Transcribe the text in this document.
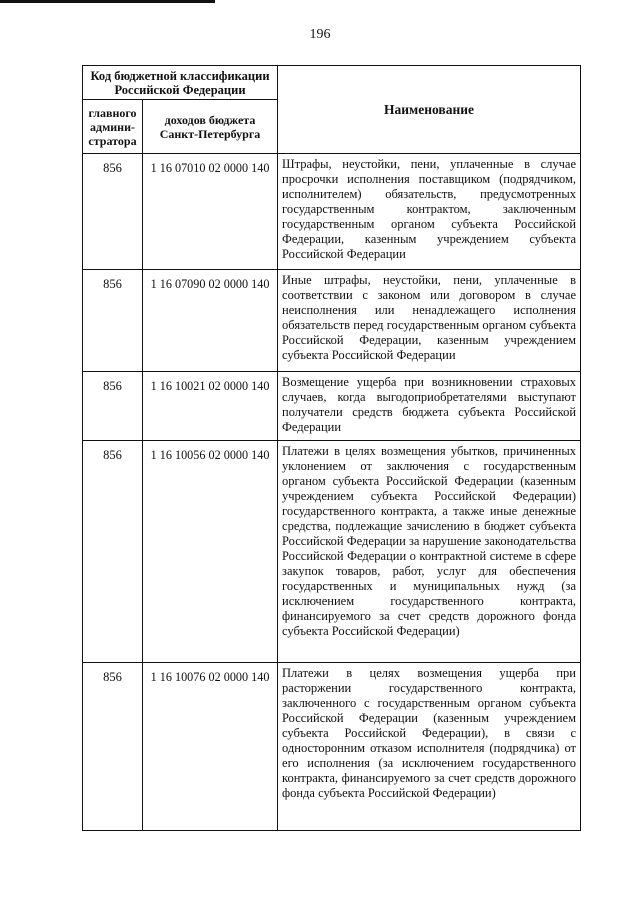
196
Код бюджетной классификации Российской Федерации		Наименование
главного админи-стратора	доходов бюджета Санкт-Петербурга	
856	1 16 07010 02 0000 140	Штрафы, неустойки, пени, уплаченные в случае просрочки исполнения поставщиком (подрядчиком, исполнителем) обязательств, предусмотренных государственным контрактом, заключенным государственным органом субъекта Российской Федерации, казенным учреждением субъекта Российской Федерации
856	1 16 07090 02 0000 140	Иные штрафы, неустойки, пени, уплаченные в соответствии с законом или договором в случае неисполнения или ненадлежащего исполнения обязательств перед государственным органом субъекта Российской Федерации, казенным учреждением субъекта Российской Федерации
856	1 16 10021 02 0000 140	Возмещение ущерба при возникновении страховых случаев, когда выгодоприобретателями выступают получатели средств бюджета субъекта Российской Федерации
856	1 16 10056 02 0000 140	Платежи в целях возмещения убытков, причиненных уклонением от заключения с государственным органом субъекта Российской Федерации (казенным учреждением субъекта Российской Федерации) государственного контракта, а также иные денежные средства, подлежащие зачислению в бюджет субъекта Российской Федерации за нарушение законодательства Российской Федерации о контрактной системе в сфере закупок товаров, работ, услуг для обеспечения государственных и муниципальных нужд (за исключением государственного контракта, финансируемого за счет средств дорожного фонда субъекта Российской Федерации)
856	1 16 10076 02 0000 140	Платежи в целях возмещения ущерба при расторжении государственного контракта, заключенного с государственным органом субъекта Российской Федерации (казенным учреждением субъекта Российской Федерации), в связи с односторонним отказом исполнителя (подрядчика) от его исполнения (за исключением государственного контракта, финансируемого за счет средств дорожного фонда субъекта Российской Федерации)
